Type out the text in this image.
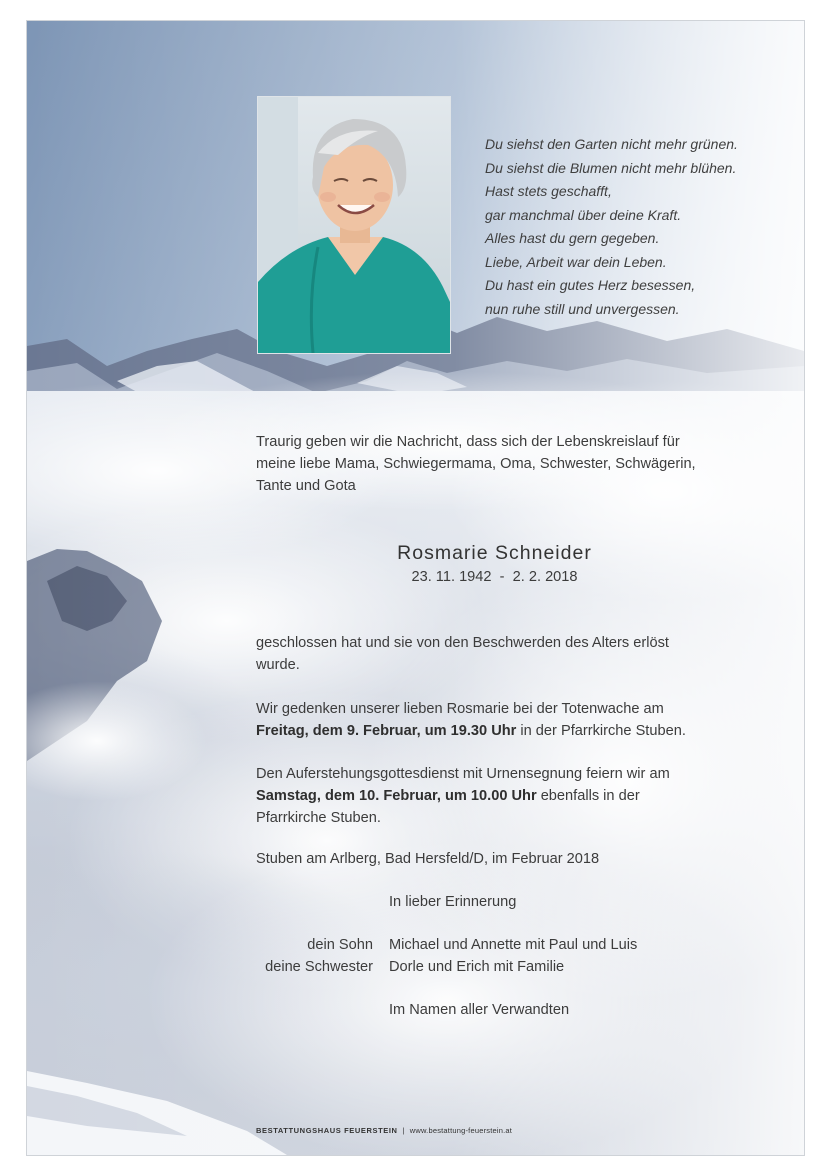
Du siehst den Garten nicht mehr grünen.
Du siehst die Blumen nicht mehr blühen.
Hast stets geschafft,
gar manchmal über deine Kraft.
Alles hast du gern gegeben.
Liebe, Arbeit war dein Leben.
Du hast ein gutes Herz besessen,
nun ruhe still und unvergessen.
Traurig geben wir die Nachricht, dass sich der Lebenskreislauf für
meine liebe Mama, Schwiegermama, Oma, Schwester, Schwägerin,
Tante und Gota
Rosmarie Schneider
23. 11. 1942  -  2. 2. 2018
geschlossen hat und sie von den Beschwerden des Alters erlöst
wurde.
Wir gedenken unserer lieben Rosmarie bei der Totenwache am
Freitag, dem 9. Februar, um 19.30 Uhr in der Pfarrkirche Stuben.
Den Auferstehungsgottesdienst mit Urnensegnung feiern wir am
Samstag, dem 10. Februar, um 10.00 Uhr ebenfalls in der
Pfarrkirche Stuben.
Stuben am Arlberg, Bad Hersfeld/D, im Februar 2018
In lieber Erinnerung
dein Sohn	Michael und Annette mit Paul und Luis
deine Schwester	Dorle und Erich mit Familie
Im Namen aller Verwandten
BESTATTUNGSHAUS FEUERSTEIN | www.bestattung-feuerstein.at
